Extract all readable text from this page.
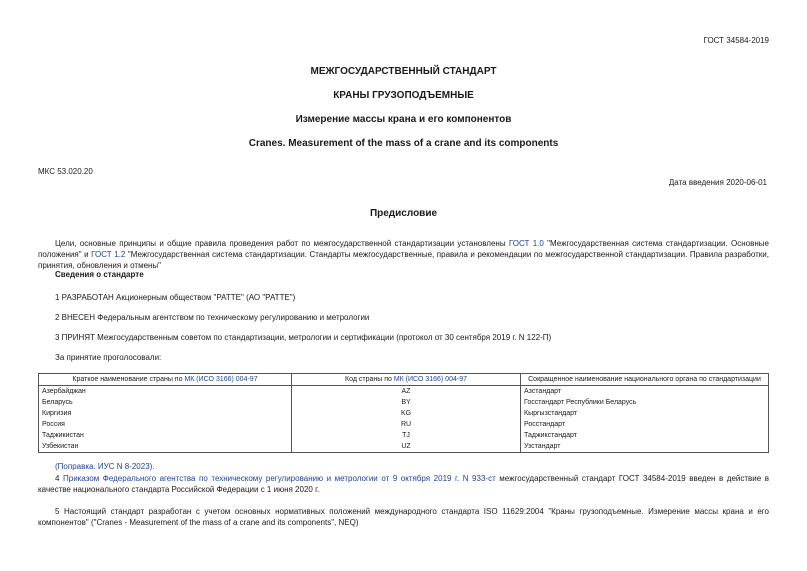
ГОСТ 34584-2019
МЕЖГОСУДАРСТВЕННЫЙ СТАНДАРТ
КРАНЫ ГРУЗОПОДЪЕМНЫЕ
Измерение массы крана и его компонентов
Cranes. Measurement of the mass of a crane and its components
МКС 53.020.20
Дата введения 2020-06-01
Предисловие
Цели, основные принципы и общие правила проведения работ по межгосударственной стандартизации установлены ГОСТ 1.0 "Межгосударственная система стандартизации. Основные положения" и ГОСТ 1.2 "Межгосударственная система стандартизации. Стандарты межгосударственные, правила и рекомендации по межгосударственной стандартизации. Правила разработки, принятия, обновления и отмены"
Сведения о стандарте
1 РАЗРАБОТАН Акционерным обществом "РАТТЕ" (АО "РАТТЕ")
2 ВНЕСЕН Федеральным агентством по техническому регулированию и метрологии
3 ПРИНЯТ Межгосударственным советом по стандартизации, метрологии и сертификации (протокол от 30 сентября 2019 г. N 122-П)
За принятие проголосовали:
Краткое наименование страны по МК (ИСО 3166) 004-97	Код страны по МК (ИСО 3166) 004-97	Сокращенное наименование национального органа по стандартизации
Азербайджан	AZ	Азстандарт
Беларусь	BY	Госстандарт Республики Беларусь
Киргизия	KG	Кыргызстандарт
Россия	RU	Росстандарт
Таджикистан	TJ	Таджикстандарт
Узбекистан	UZ	Узстандарт
(Поправка. ИУС N 8-2023).
4 Приказом Федерального агентства по техническому регулированию и метрологии от 9 октября 2019 г. N 933-ст межгосударственный стандарт ГОСТ 34584-2019 введен в действие в качестве национального стандарта Российской Федерации с 1 июня 2020 г.
5 Настоящий стандарт разработан с учетом основных нормативных положений международного стандарта ISO 11629:2004 "Краны грузоподъемные. Измерение массы крана и его компонентов" ("Cranes - Measurement of the mass of a crane and its components", NEQ)
